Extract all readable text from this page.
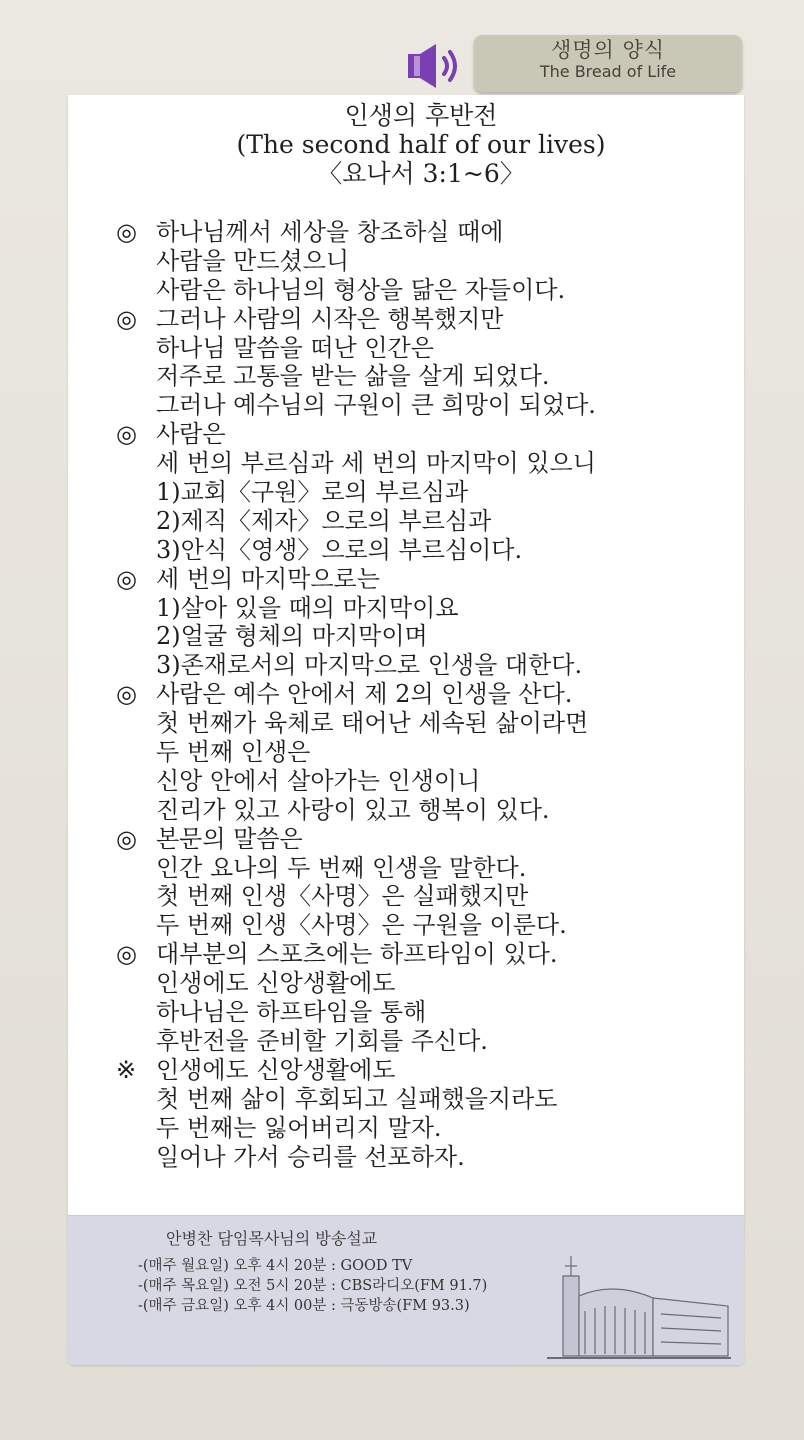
생명의 양식
The Bread of Life
인생의 후반전
(The second half of our lives)
〈요나서 3:1~6〉
◎ 하나님께서 세상을 창조하실 때에
사람을 만드셨으니
사람은 하나님의 형상을 닮은 자들이다.
◎ 그러나 사람의 시작은 행복했지만
하나님 말씀을 떠난 인간은
저주로 고통을 받는 삶을 살게 되었다.
그러나 예수님의 구원이 큰 희망이 되었다.
◎ 사람은
세 번의 부르심과 세 번의 마지막이 있으니
1)교회〈구원〉로의 부르심과
2)제직〈제자〉으로의 부르심과
3)안식〈영생〉으로의 부르심이다.
◎ 세 번의 마지막으로는
1)살아 있을 때의 마지막이요
2)얼굴 형체의 마지막이며
3)존재로서의 마지막으로 인생을 대한다.
◎ 사람은 예수 안에서 제 2의 인생을 산다.
첫 번째가 육체로 태어난 세속된 삶이라면
두 번째 인생은
신앙 안에서 살아가는 인생이니
진리가 있고 사랑이 있고 행복이 있다.
◎ 본문의 말씀은
인간 요나의 두 번째 인생을 말한다.
첫 번째 인생〈사명〉은 실패했지만
두 번째 인생〈사명〉은 구원을 이룬다.
◎ 대부분의 스포츠에는 하프타임이 있다.
인생에도 신앙생활에도
하나님은 하프타임을 통해
후반전을 준비할 기회를 주신다.
※ 인생에도 신앙생활에도
첫 번째 삶이 후회되고 실패했을지라도
두 번째는 잃어버리지 말자.
일어나 가서 승리를 선포하자.
안병찬 담임목사님의 방송설교
-(매주 월요일) 오후 4시 20분 : GOOD TV
-(매주 목요일) 오전 5시 20분 : CBS라디오(FM 91.7)
-(매주 금요일) 오후 4시 00분 : 극동방송(FM 93.3)
